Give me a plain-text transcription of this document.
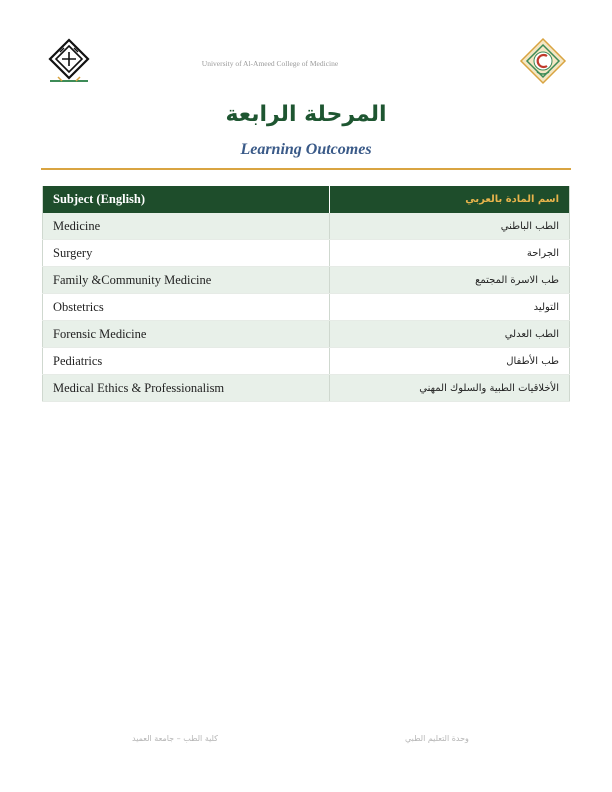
University of Al-Ameed College of Medicine
المرحلة الرابعة
Learning Outcomes
Subject (English)	اسم المادة بالعربي
Medicine	الطب الباطني
Surgery	الجراحة
Family &Community Medicine	طب الاسرة المجتمع
Obstetrics	التوليد
Forensic Medicine	الطب العدلي
Pediatrics	طب الأطفال
Medical Ethics & Professionalism	الأخلاقيات الطبية والسلوك المهني
وحدة التعليم الطبي
كلية الطب – جامعة العميد
